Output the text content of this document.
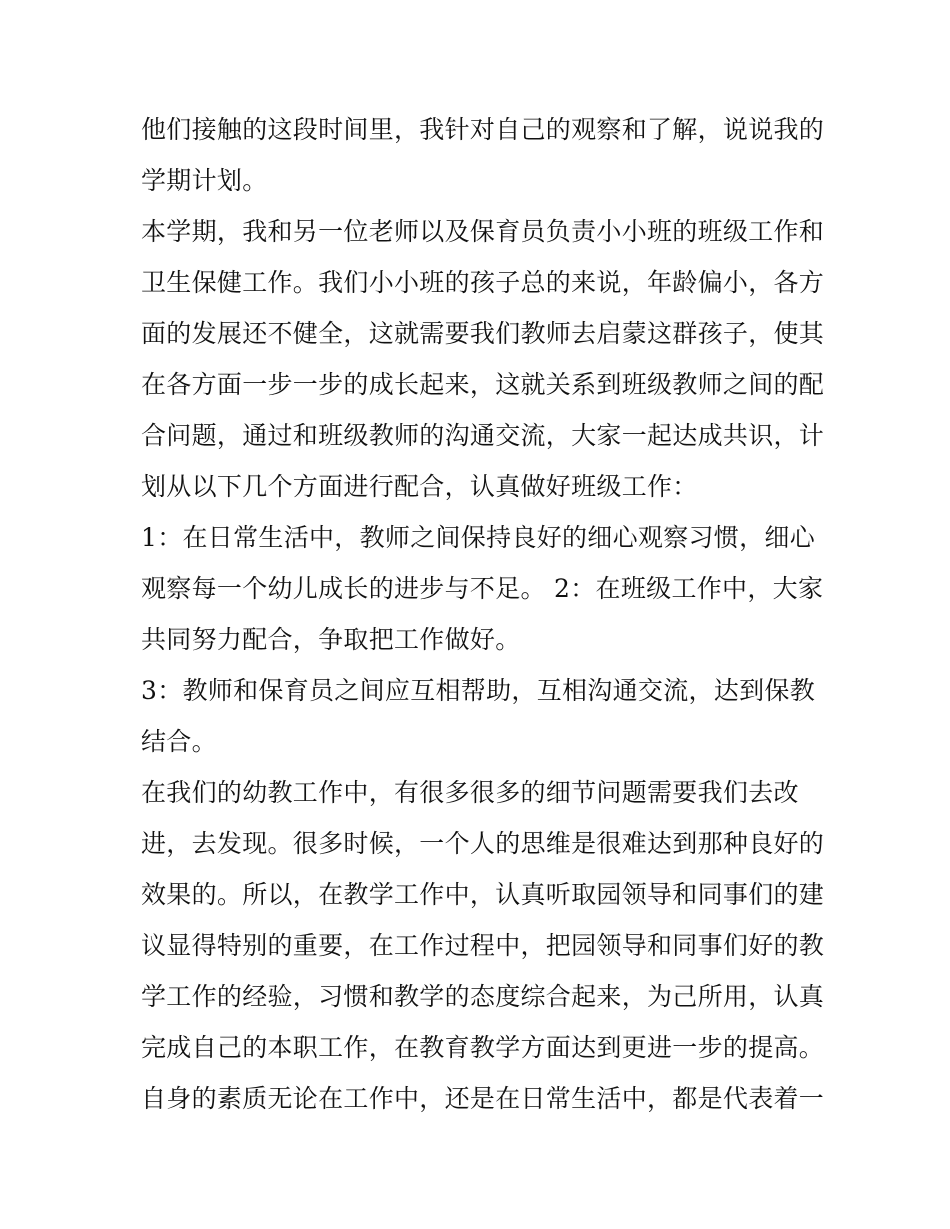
他们接触的这段时间里，我针对自己的观察和了解，说说我的
学期计划。
本学期，我和另一位老师以及保育员负责小小班的班级工作和
卫生保健工作。我们小小班的孩子总的来说，年龄偏小，各方
面的发展还不健全，这就需要我们教师去启蒙这群孩子，使其
在各方面一步一步的成长起来，这就关系到班级教师之间的配
合问题，通过和班级教师的沟通交流，大家一起达成共识，计
划从以下几个方面进行配合，认真做好班级工作：
1：在日常生活中，教师之间保持良好的细心观察习惯，细心
观察每一个幼儿成长的进步与不足。 2：在班级工作中，大家
共同努力配合，争取把工作做好。
3：教师和保育员之间应互相帮助，互相沟通交流，达到保教
结合。
在我们的幼教工作中，有很多很多的细节问题需要我们去改
进，去发现。很多时候，一个人的思维是很难达到那种良好的
效果的。所以，在教学工作中，认真听取园领导和同事们的建
议显得特别的重要，在工作过程中，把园领导和同事们好的教
学工作的经验，习惯和教学的态度综合起来，为己所用，认真
完成自己的本职工作，在教育教学方面达到更进一步的提高。
自身的素质无论在工作中，还是在日常生活中，都是代表着一
